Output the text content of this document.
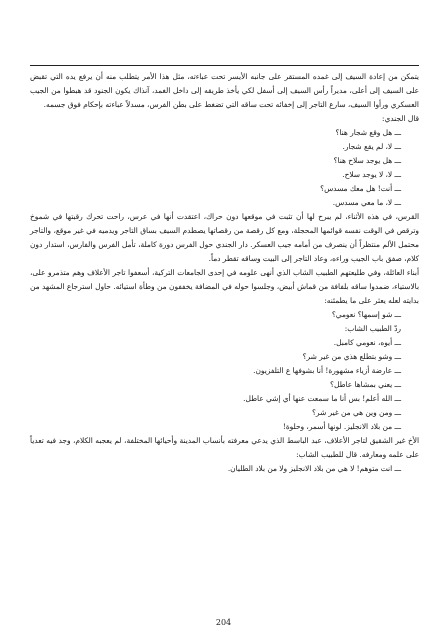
يتمكن من إعادة السيف إلى غمده المستقر على جانبه الأيسر تحت عباءته، مثل هذا الأمر يتطلب منه أن يرفع يده التي تقبض على السيف إلى أعلى، مديراً رأس السيف إلى أسفل لكي يأخذ طريقه إلى داخل الغمد، آنذاك يكون الجنود قد هبطوا من الجيب العسكري ورأوا السيف، سارع التاجر إلى إخفائه تحت ساقه التي تضغط على بطن الفرس، مسدلاً عباءته بإحكام فوق جسمه.

قال الجندي:

ـــ هل وقع شجار هنا؟

ـــ لا، لم يقع شجار.

ـــ هل يوجد سلاح هنا؟

ـــ لا، لا يوجد سلاح.

ـــ أنت! هل معك مسدس؟

ـــ لا، ما معي مسدس.

القرس، في هذه الأثناء، لم يبرح لها أن تثبت في موقعها دون حراك، اعتقدت أنها في عرس، راحت تحرك رقبتها في شموخ وترقص في الوقت نفسه قوائمها المحجلة، ومع كل رقصة من رقصاتها يصطدم السيف بساق التاجر ويدميه في غير موقع، والتاجر محتمل الألم منتظراً أن ينصرف من أمامه جيب العسكر. دار الجندي حول الفرس دورة كاملة، تأمل الفرس والفارس، استدار دون كلام، صفق باب الجيب وراءه، وعاد التاجر إلى البيت وساقه تقطر دماً.

أبناء العائلة، وفي طليعتهم الطبيب الشاب الذي أنهى علومه في إحدى الجامعات التركية، أسعفوا تاجر الأعلاف وهم متذمرو على، بالاستياء، ضمدوا ساقه بلفافة من قماش أبيض، وجلسوا حوله في المضافة يخففون من وطأة استيائه. حاول استرجاع المشهد من بدايته لعله يعثر على ما يطمئنه:

ـــ شو إسمها؟ نعومي؟

ردّ الطبيب الشاب:

ـــ أيوه، نعومي كامبل.

ـــ وشو بتطلع هذي من غير شر؟

ـــ عارضة أزياء مشهورة! أنا بشوفها ع التلفزيون.

ـــ يعني بمشاها عاطل؟

ـــ الله أعلم! بس أنا ما سمعت عنها أي إشي عاطل.

ـــ ومن وين هي من غير شر؟

ـــ من بلاد الانجليز. لونها أسمر، وحلوة!

الأخ غير الشقيق لتاجر الأعلاف، عبد الباسط الذي يدعي معرفته بأنساب المدينة وأحيائها المختلفة، لم يعجبه الكلام، وجد فيه تعدياً على علمه ومعارفه. قال للطبيب الشاب:

ـــ انت متوهم! لا هي من بلاد الانجليز ولا من بلاد الطليان.

204
